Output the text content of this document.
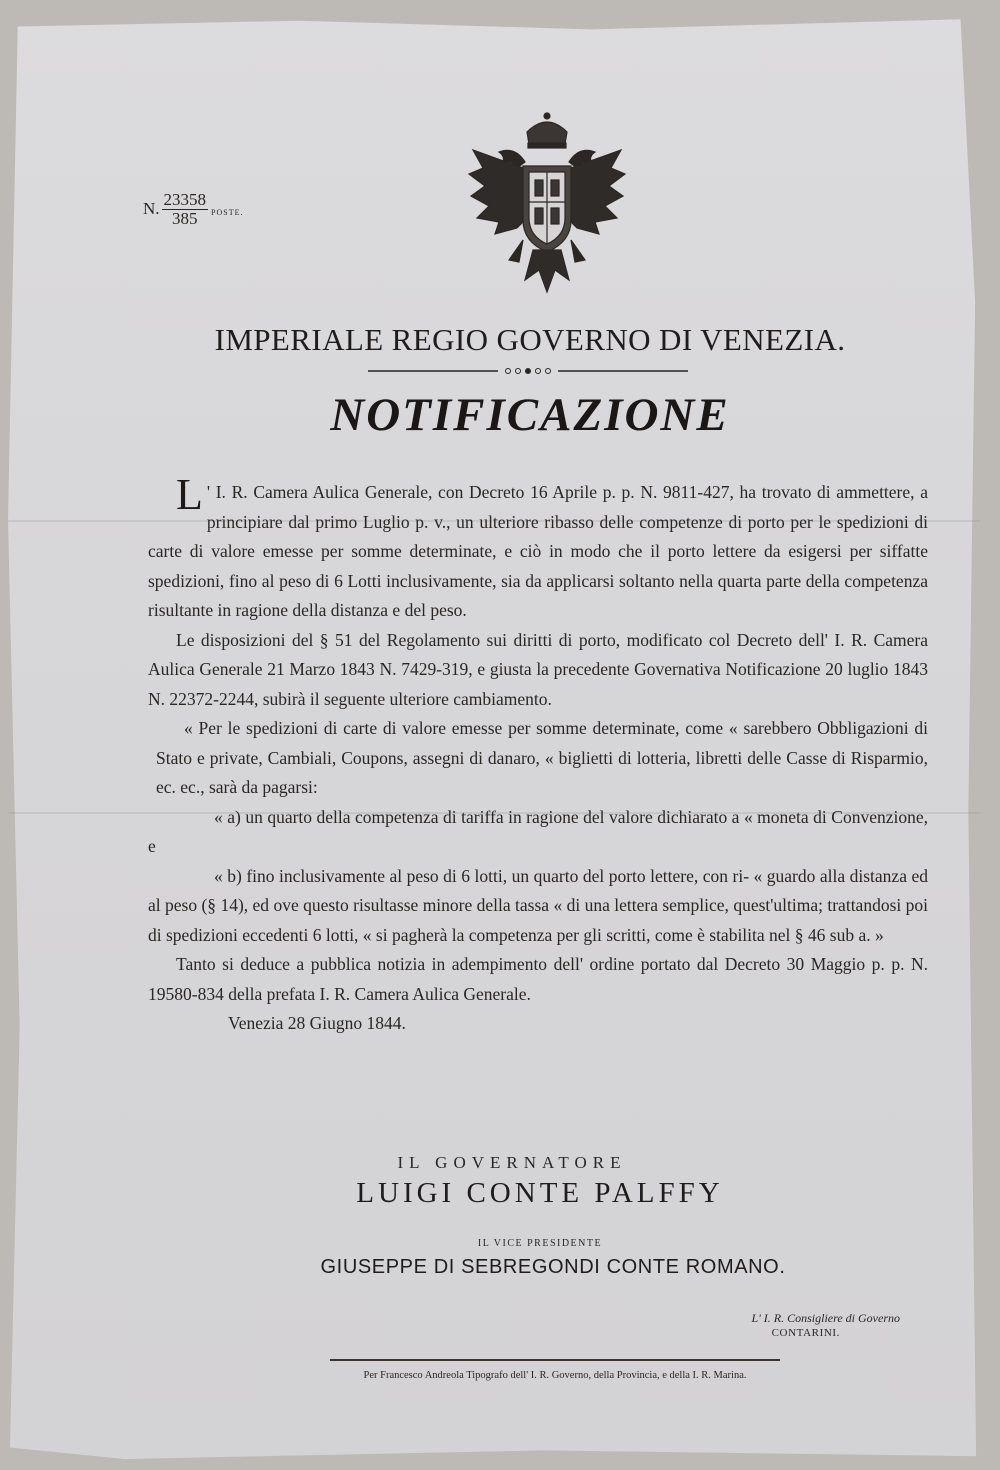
N. $\frac{23358}{385}$ POSTE.
IMPERIALE REGIO GOVERNO DI VENEZIA.
NOTIFICAZIONE

L ' I. R. Camera Aulica Generale, con Decreto 16 Aprile p. p. N. 9811-427, ha trovato di ammettere, a principiare dal primo Luglio p. v., un ulteriore ribasso delle competenze di porto per le spedizioni di carte di valore emesse per somme determinate, e ciò in modo che il porto lettere da esigersi per siffatte spedizioni, fino al peso di 6 Lotti inclusivamente, sia da applicarsi soltanto nella quarta parte della competenza risultante in ragione della distanza e del peso.

Le disposizioni del § 51 del Regolamento sui diritti di porto, modificato col Decreto dell' I. R. Camera Aulica Generale 21 Marzo 1843 N. 7429-319, e giusta la precedente Governativa Notificazione 20 luglio 1843 N. 22372-2244, subirà il seguente ulteriore cambiamento.

« Per le spedizioni di carte di valore emesse per somme determinate, come « sarebbero Obbligazioni di Stato e private, Cambiali, Coupons, assegni di danaro, « biglietti di lotteria, libretti delle Casse di Risparmio, ec. ec., sarà da pagarsi:

« a) un quarto della competenza di tariffa in ragione del valore dichiarato a « moneta di Convenzione, e

« b) fino inclusivamente al peso di 6 lotti, un quarto del porto lettere, con ri- « guardo alla distanza ed al peso (§ 14), ed ove questo risultasse minore della tassa « di una lettera semplice, quest'ultima; trattandosi poi di spedizioni eccedenti 6 lotti, « si pagherà la competenza per gli scritti, come è stabilita nel § 46 sub a. »

Tanto si deduce a pubblica notizia in adempimento dell' ordine portato dal Decreto 30 Maggio p. p. N. 19580-834 della prefata I. R. Camera Aulica Generale.

Venezia 28 Giugno 1844.

IL GOVERNATORE
LUIGI CONTE PALFFY
IL VICE PRESIDENTE
GIUSEPPE DI SEBREGONDI CONTE ROMANO.
L' I. R. Consigliere di Governo
CONTARINI.
Per Francesco Andreola Tipografo dell' I. R. Governo, della Provincia, e della I. R. Marina.
